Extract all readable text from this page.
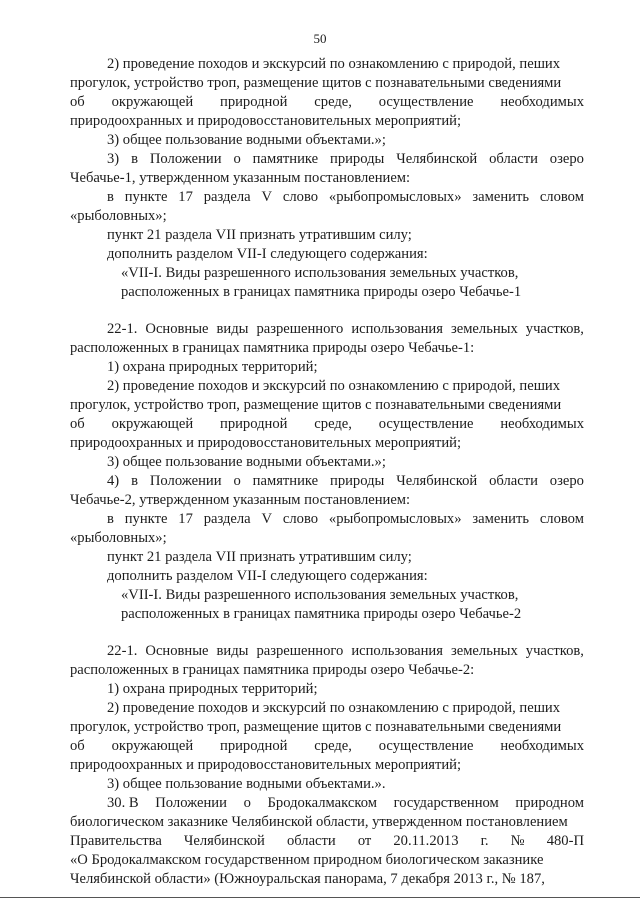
50
2) проведение походов и экскурсий по ознакомлению с природой, пеших
прогулок, устройство троп, размещение щитов с познавательными сведениями
об окружающей природной среде, осуществление необходимых
природоохранных и природовосстановительных мероприятий;
3) общее пользование водными объектами.»;
3) в Положении о памятнике природы Челябинской области озеро
Чебачье-1, утвержденном указанным постановлением:
в пункте 17 раздела V слово «рыбопромысловых» заменить словом
«рыболовных»;
пункт 21 раздела VII признать утратившим силу;
дополнить разделом VII-I следующего содержания:
«VII-I. Виды разрешенного использования земельных участков,
расположенных в границах памятника природы озеро Чебачье-1
22-1. Основные виды разрешенного использования земельных участков,
расположенных в границах памятника природы озеро Чебачье-1:
1) охрана природных территорий;
2) проведение походов и экскурсий по ознакомлению с природой, пеших
прогулок, устройство троп, размещение щитов с познавательными сведениями
об окружающей природной среде, осуществление необходимых
природоохранных и природовосстановительных мероприятий;
3) общее пользование водными объектами.»;
4) в Положении о памятнике природы Челябинской области озеро
Чебачье-2, утвержденном указанным постановлением:
в пункте 17 раздела V слово «рыбопромысловых» заменить словом
«рыболовных»;
пункт 21 раздела VII признать утратившим силу;
дополнить разделом VII-I следующего содержания:
«VII-I. Виды разрешенного использования земельных участков,
расположенных в границах памятника природы озеро Чебачье-2
22-1. Основные виды разрешенного использования земельных участков,
расположенных в границах памятника природы озеро Чебачье-2:
1) охрана природных территорий;
2) проведение походов и экскурсий по ознакомлению с природой, пеших
прогулок, устройство троп, размещение щитов с познавательными сведениями
об окружающей природной среде, осуществление необходимых
природоохранных и природовосстановительных мероприятий;
3) общее пользование водными объектами.».
30. В Положении о Бродокалмакском государственном природном
биологическом заказнике Челябинской области, утвержденном постановлением
Правительства Челябинской области от 20.11.2013 г. № 480-П
«О Бродокалмакском государственном природном биологическом заказнике
Челябинской области» (Южноуральская панорама, 7 декабря 2013 г., № 187,
